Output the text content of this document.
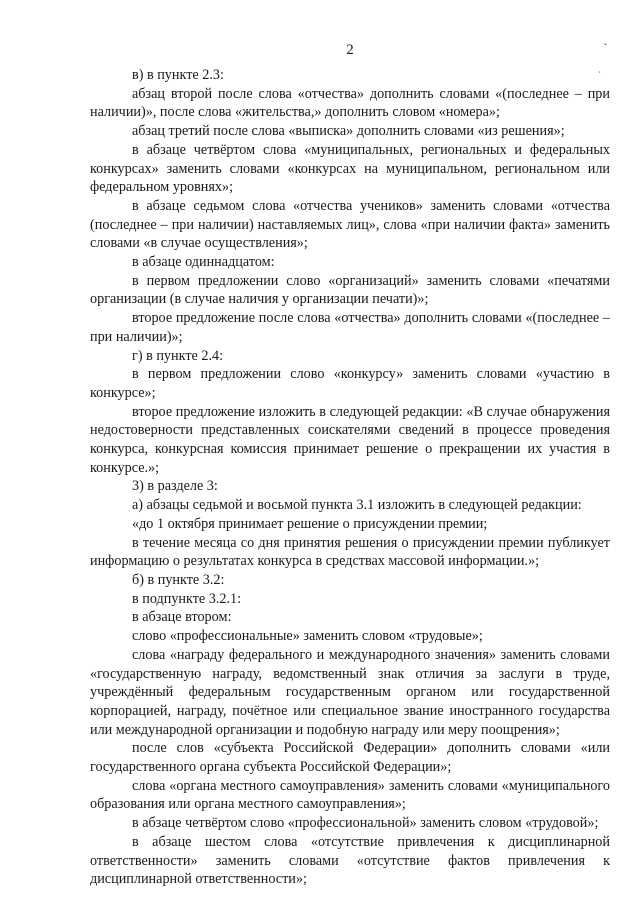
2

в) в пункте 2.3:

абзац второй после слова «отчества» дополнить словами «(последнее – при наличии)», после слова «жительства,» дополнить словом «номера»;

абзац третий после слова «выписка» дополнить словами «из решения»;

в абзаце четвёртом слова «муниципальных, региональных и федеральных конкурсах» заменить словами «конкурсах на муниципальном, региональном или федеральном уровнях»;

в абзаце седьмом слова «отчества учеников» заменить словами «отчества (последнее – при наличии) наставляемых лиц», слова «при наличии факта» заменить словами «в случае осуществления»;

в абзаце одиннадцатом:

в первом предложении слово «организаций» заменить словами «печатями организации (в случае наличия у организации печати)»;

второе предложение после слова «отчества» дополнить словами «(последнее – при наличии)»;

г) в пункте 2.4:

в первом предложении слово «конкурсу» заменить словами «участию в конкурсе»;

второе предложение изложить в следующей редакции: «В случае обнаружения недостоверности представленных соискателями сведений в процессе проведения конкурса, конкурсная комиссия принимает решение о прекращении их участия в конкурсе.»;

3) в разделе 3:

а) абзацы седьмой и восьмой пункта 3.1 изложить в следующей редакции:

«до 1 октября принимает решение о присуждении премии;

в течение месяца со дня принятия решения о присуждении премии публикует информацию о результатах конкурса в средствах массовой информации.»;

б) в пункте 3.2:

в подпункте 3.2.1:

в абзаце втором:

слово «профессиональные» заменить словом «трудовые»;

слова «награду федерального и международного значения» заменить словами «государственную награду, ведомственный знак отличия за заслуги в труде, учреждённый федеральным государственным органом или государственной корпорацией, награду, почётное или специальное звание иностранного государства или международной организации и подобную награду или меру поощрения»;

после слов «субъекта Российской Федерации» дополнить словами «или государственного органа субъекта Российской Федерации»;

слова «органа местного самоуправления» заменить словами «муниципального образования или органа местного самоуправления»;

в абзаце четвёртом слово «профессиональной» заменить словом «трудовой»;

в абзаце шестом слова «отсутствие привлечения к дисциплинарной ответственности» заменить словами «отсутствие фактов привлечения к дисциплинарной ответственности»;

ˇ
ˏ
